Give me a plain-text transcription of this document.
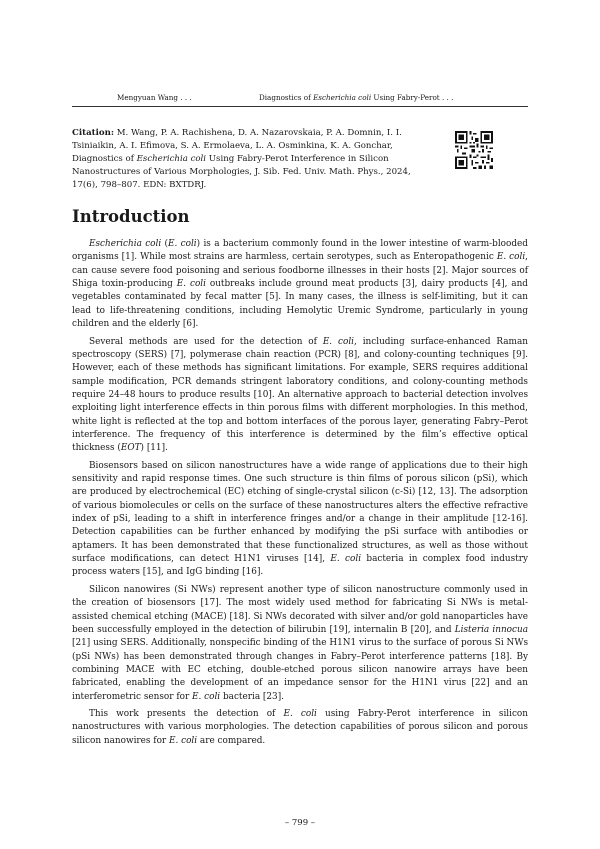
Mengyuan Wang . . .	Diagnostics of Escherichia coli Using Fabry-Perot . . .
Citation: M. Wang, P. A. Rachishena, D. A. Nazarovskaia, P. A. Domnin, I. I. Tsiniaikin, A. I. Efimova, S. A. Ermolaeva, L. A. Osminkina, K. A. Gonchar, Diagnostics of Escherichia coli Using Fabry-Perot Interference in Silicon Nanostructures of Various Morphologies, J. Sib. Fed. Univ. Math. Phys., 2024, 17(6), 798–807. EDN: BXTDRJ.
Introduction

Escherichia coli (E. coli) is a bacterium commonly found in the lower intestine of warm-blooded organisms [1]. While most strains are harmless, certain serotypes, such as Enteropathogenic E. coli, can cause severe food poisoning and serious foodborne illnesses in their hosts [2]. Major sources of Shiga toxin-producing E. coli outbreaks include ground meat products [3], dairy products [4], and vegetables contaminated by fecal matter [5]. In many cases, the illness is self-limiting, but it can lead to life-threatening conditions, including Hemolytic Uremic Syndrome, particularly in young children and the elderly [6].

Several methods are used for the detection of E. coli, including surface-enhanced Raman spectroscopy (SERS) [7], polymerase chain reaction (PCR) [8], and colony-counting techniques [9]. However, each of these methods has significant limitations. For example, SERS requires additional sample modification, PCR demands stringent laboratory conditions, and colony-counting methods require 24–48 hours to produce results [10]. An alternative approach to bacterial detection involves exploiting light interference effects in thin porous films with different morphologies. In this method, white light is reflected at the top and bottom interfaces of the porous layer, generating Fabry–Perot interference. The frequency of this interference is determined by the film’s effective optical thickness (EOT) [11].

Biosensors based on silicon nanostructures have a wide range of applications due to their high sensitivity and rapid response times. One such structure is thin films of porous silicon (pSi), which are produced by electrochemical (EC) etching of single-crystal silicon (c-Si) [12, 13]. The adsorption of various biomolecules or cells on the surface of these nanostructures alters the effective refractive index of pSi, leading to a shift in interference fringes and/or a change in their amplitude [12-16]. Detection capabilities can be further enhanced by modifying the pSi surface with antibodies or aptamers. It has been demonstrated that these functionalized structures, as well as those without surface modifications, can detect H1N1 viruses [14], E. coli bacteria in complex food industry process waters [15], and IgG binding [16].

Silicon nanowires (Si NWs) represent another type of silicon nanostructure commonly used in the creation of biosensors [17]. The most widely used method for fabricating Si NWs is metal-assisted chemical etching (MACE) [18]. Si NWs decorated with silver and/or gold nanoparticles have been successfully employed in the detection of bilirubin [19], internalin B [20], and Listeria innocua [21] using SERS. Additionally, nonspecific binding of the H1N1 virus to the surface of porous Si NWs (pSi NWs) has been demonstrated through changes in Fabry–Perot interference patterns [18]. By combining MACE with EC etching, double-etched porous silicon nanowire arrays have been fabricated, enabling the development of an impedance sensor for the H1N1 virus [22] and an interferometric sensor for E. coli bacteria [23].

This work presents the detection of E. coli using Fabry-Perot interference in silicon nanostructures with various morphologies. The detection capabilities of porous silicon and porous silicon nanowires for E. coli are compared.

– 799 –
